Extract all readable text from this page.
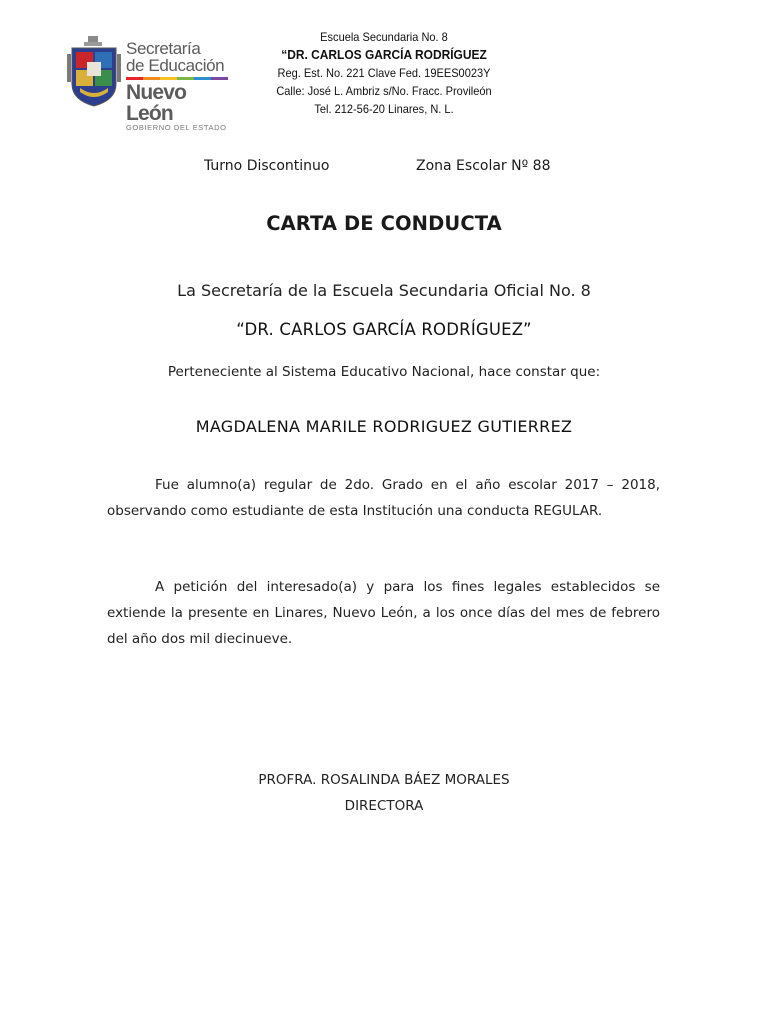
Secretaría
de Educación
Nuevo León
GOBIERNO DEL ESTADO
Escuela Secundaria No. 8
“DR. CARLOS GARCÍA RODRÍGUEZ
Reg. Est. No. 221 Clave Fed. 19EES0023Y
Calle: José L. Ambriz s/No. Fracc. Provileón
Tel. 212-56-20 Linares, N. L.
Turno Discontinuo	Zona Escolar Nº 88
CARTA DE CONDUCTA
La Secretaría de la Escuela Secundaria Oficial No. 8
“DR. CARLOS GARCÍA RODRÍGUEZ”
Perteneciente al Sistema Educativo Nacional, hace constar que:
MAGDALENA MARILE RODRIGUEZ GUTIERREZ

Fue alumno(a) regular de 2do. Grado en el año escolar 2017 – 2018, observando como estudiante de esta Institución una conducta REGULAR.

A petición del interesado(a) y para los fines legales establecidos se extiende la presente en Linares, Nuevo León, a los once días del mes de febrero del año dos mil diecinueve.

PROFRA. ROSALINDA BÁEZ MORALES
DIRECTORA
